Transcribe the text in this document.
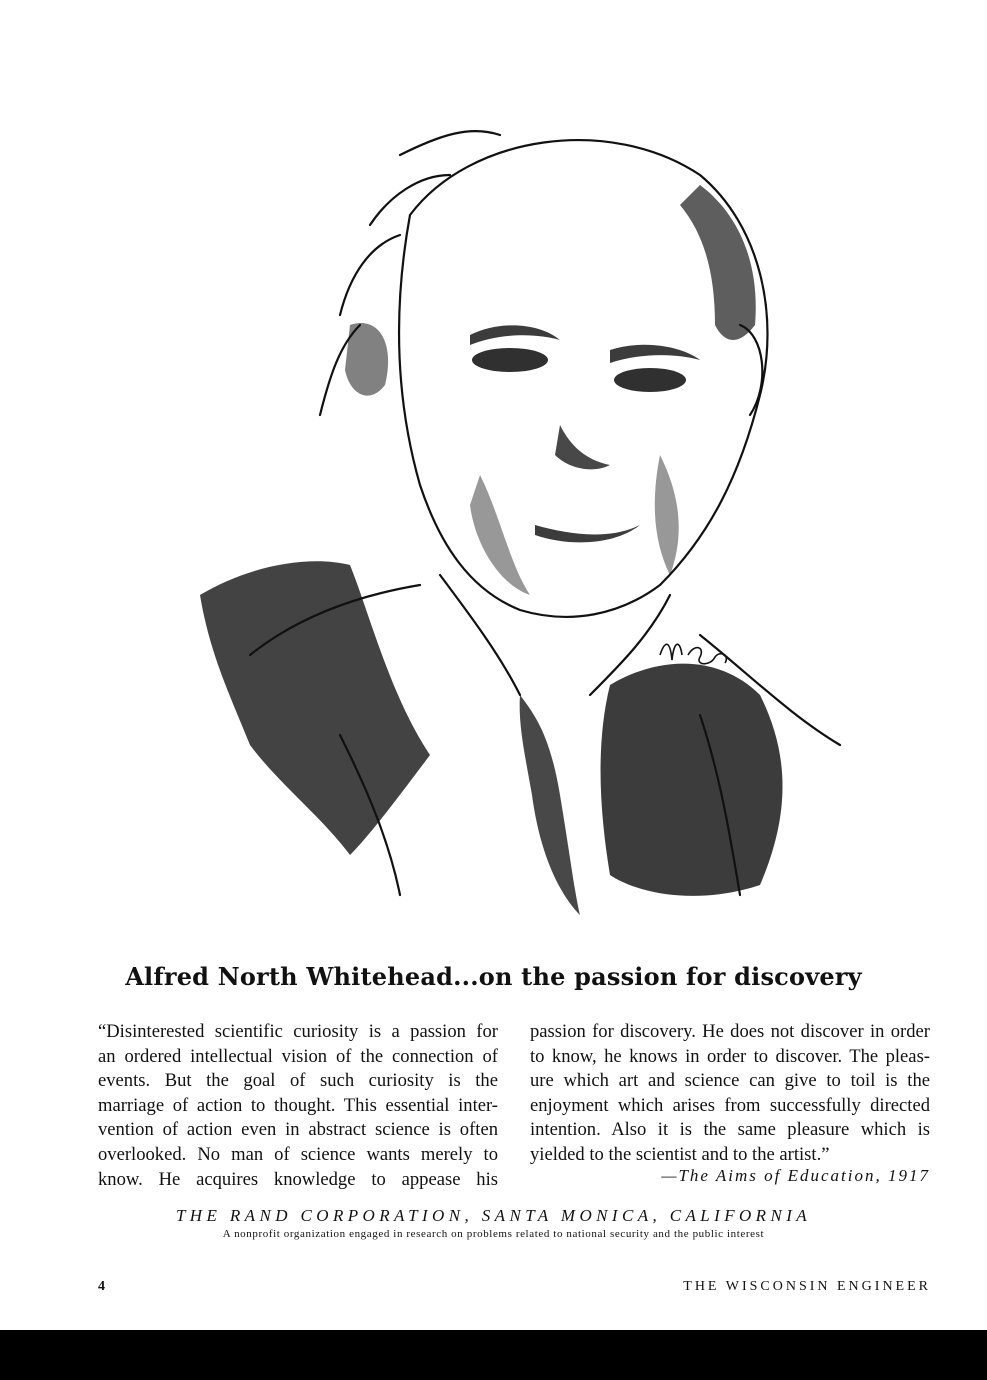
Alfred North Whitehead...on the passion for discovery
“Disinterested scientific curiosity is a passion for
an ordered intellectual vision of the connection of
events. But the goal of such curiosity is the
marriage of action to thought. This essential inter-
vention of action even in abstract science is often
overlooked. No man of science wants merely to
know. He acquires knowledge to appease his
passion for discovery. He does not discover in order
to know, he knows in order to discover. The pleas-
ure which art and science can give to toil is the
enjoyment which arises from successfully directed
intention. Also it is the same pleasure which is
yielded to the scientist and to the artist.”
—The Aims of Education, 1917
THE RAND CORPORATION, SANTA MONICA, CALIFORNIA
A nonprofit organization engaged in research on problems related to national security and the public interest
4	THE WISCONSIN ENGINEER
